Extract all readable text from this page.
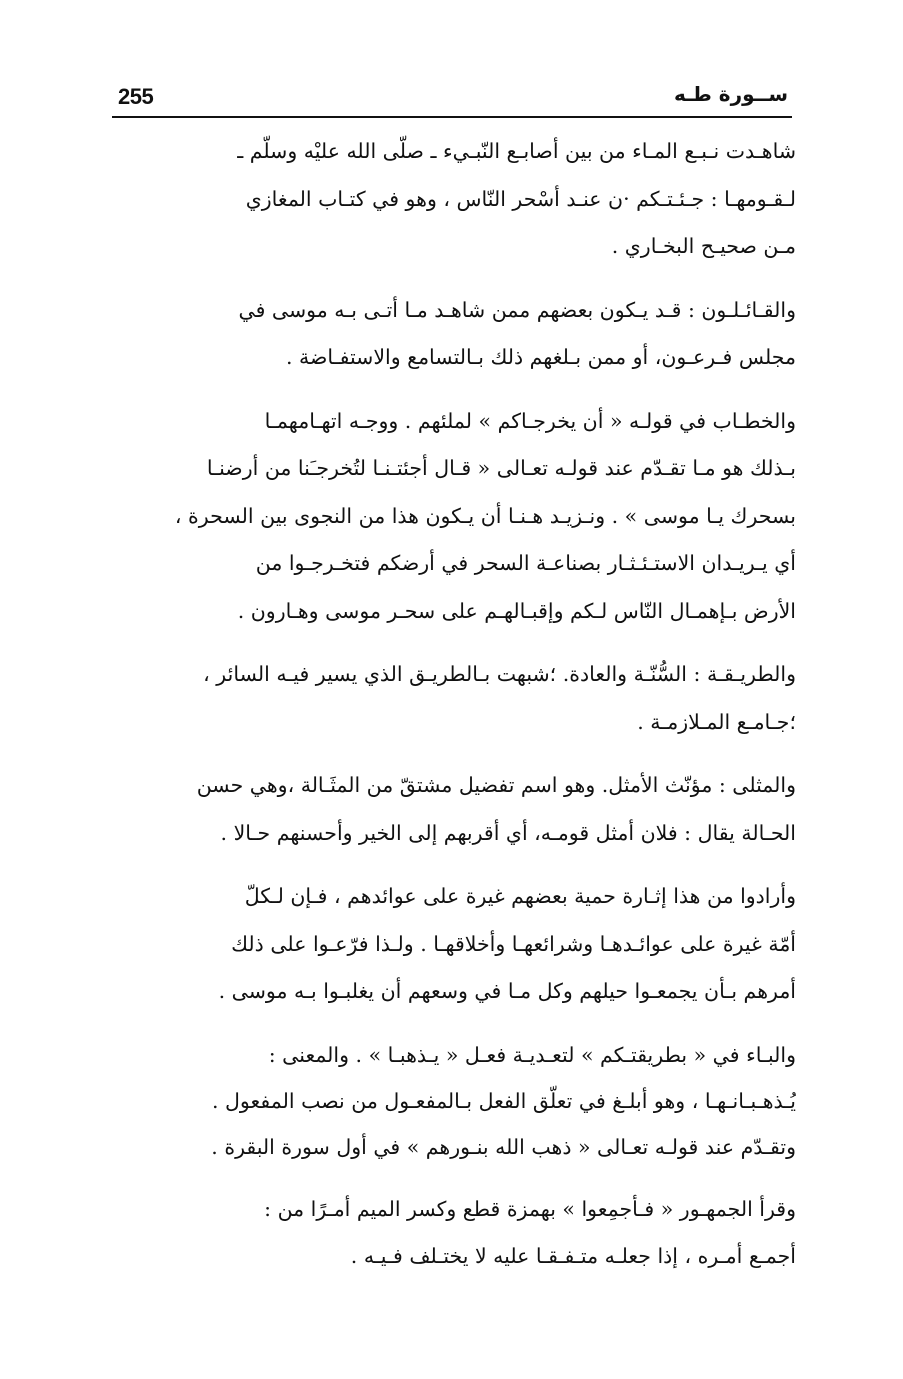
255	ســورة طـه
شاهـدت نـبـع المـاء من بين أصابـع النّبـيء ـ صلّى الله عليْه وسلّم ـ
لـقـومهـا : جـئـتـكم ·ن عنـد أسْحر النّاس ، وهو في كتـاب المغازي
مـن صحيـح البخـاري .
والقـائـلـون : قـد يـكون بعضهم ممن شاهـد مـا أتـى بـه موسى في
مجلس فـرعـون، أو ممن بـلغهم ذلك بـالتسامع والاستفـاضة .
والخطـاب في قولـه « أن يخرجـاكم » لملئهم . ووجـه اتهـامهمـا
بـذلك هو مـا تقـدّم عند قولـه تعـالى « قـال أجئتـنـا لتُخرجـَنا من أرضنـا
بسحرك يـا موسى » . ونـزيـد هـنـا أن يـكون هذا من النجوى بين السحرة ،
أي يـريـدان الاستـئـثـار بصناعـة السحر في أرضكم فتخـرجـوا من
الأرض بـإهمـال النّاس لـكم وإقبـالهـم على سحـر موسى وهـارون .
والطريـقـة : السُّنّـة والعادة. ؛شبهت بـالطريـق الذي يسير فيـه السائر ،
؛جـامـع المـلازمـة .
والمثلى : مؤنّث الأمثل. وهو اسم تفضيل مشتقّ من المثَـالة ،وهي حسن
الحـالة يقال : فلان أمثل قومـه، أي أقربهم إلى الخير وأحسنهم حـالا .
وأرادوا من هذا إثـارة حمية بعضهم غيرة على عوائدهم ، فـإن لـكلّ
أمّة غيرة على عوائـدهـا وشرائعهـا وأخلاقهـا . ولـذا فرّعـوا على ذلك
أمرهم بـأن يجمعـوا حيلهم وكل مـا في وسعهم أن يغلبـوا بـه موسى .
والبـاء في « بطريقتـكم » لتعـديـة فعـل « يـذهبـا » . والمعنى :
يُـذهـبـانـهـا ، وهو أبلـغ في تعلّق الفعل بـالمفعـول من نصب المفعول .
وتقـدّم عند قولـه تعـالى « ذهب الله بنـورهم » في أول سورة البقرة .
وقرأ الجمهـور « فـأجمِعوا » بهمزة قطع وكسر الميم أمـرًا من :
أجمـع أمـره ، إذا جعلـه متـفـقـا عليه لا يختـلف فـيـه .
